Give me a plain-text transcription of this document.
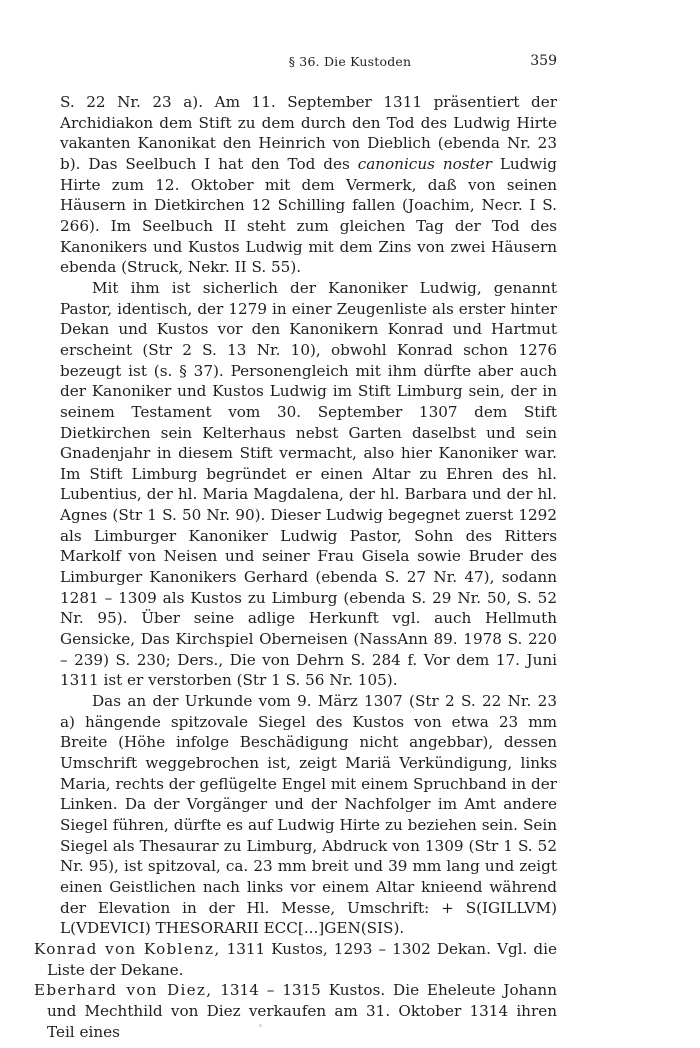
§ 36. Die Kustoden	359

S. 22 Nr. 23 a). Am 11. September 1311 präsentiert der Archidiakon dem Stift zu dem durch den Tod des Ludwig Hirte vakanten Kanonikat den Heinrich von Dieblich (ebenda Nr. 23 b). Das Seelbuch I hat den Tod des canonicus noster Ludwig Hirte zum 12. Oktober mit dem Vermerk, daß von seinen Häusern in Dietkirchen 12 Schilling fallen (Joachim, Necr. I S. 266). Im Seelbuch II steht zum gleichen Tag der Tod des Kanonikers und Kustos Ludwig mit dem Zins von zwei Häusern ebenda (Struck, Nekr. II S. 55).

Mit ihm ist sicherlich der Kanoniker Ludwig, genannt Pastor, identisch, der 1279 in einer Zeugenliste als erster hinter Dekan und Kustos vor den Kanonikern Konrad und Hartmut erscheint (Str 2 S. 13 Nr. 10), obwohl Konrad schon 1276 bezeugt ist (s. § 37). Personengleich mit ihm dürfte aber auch der Kanoniker und Kustos Ludwig im Stift Limburg sein, der in seinem Testament vom 30. September 1307 dem Stift Dietkirchen sein Kelterhaus nebst Garten daselbst und sein Gnadenjahr in diesem Stift vermacht, also hier Kanoniker war. Im Stift Limburg begründet er einen Altar zu Ehren des hl. Lubentius, der hl. Maria Magdalena, der hl. Barbara und der hl. Agnes (Str 1 S. 50 Nr. 90). Dieser Ludwig begegnet zuerst 1292 als Limburger Kanoniker Ludwig Pastor, Sohn des Ritters Markolf von Neisen und seiner Frau Gisela sowie Bruder des Limburger Kanonikers Gerhard (ebenda S. 27 Nr. 47), sodann 1281 – 1309 als Kustos zu Limburg (ebenda S. 29 Nr. 50, S. 52 Nr. 95). Über seine adlige Herkunft vgl. auch Hellmuth Gensicke, Das Kirchspiel Oberneisen (NassAnn 89. 1978 S. 220 – 239) S. 230; Ders., Die von Dehrn S. 284 f. Vor dem 17. Juni 1311 ist er verstorben (Str 1 S. 56 Nr. 105).

Das an der Urkunde vom 9. März 1307 (Str 2 S. 22 Nr. 23 a) hängende spitzovale Siegel des Kustos von etwa 23 mm Breite (Höhe infolge Beschädigung nicht angebbar), dessen Umschrift weggebrochen ist, zeigt Mariä Verkündigung, links Maria, rechts der geflügelte Engel mit einem Spruchband in der Linken. Da der Vorgänger und der Nachfolger im Amt andere Siegel führen, dürfte es auf Ludwig Hirte zu beziehen sein. Sein Siegel als Thesaurar zu Limburg, Abdruck von 1309 (Str 1 S. 52 Nr. 95), ist spitzoval, ca. 23 mm breit und 39 mm lang und zeigt einen Geistlichen nach links vor einem Altar knieend während der Elevation in der Hl. Messe, Umschrift: + S(IGILLVM) L(VDEVICI) THESORARII ECC[...]GEN(SIS).

Konrad von Koblenz, 1311 Kustos, 1293 – 1302 Dekan. Vgl. die Liste der Dekane.

Eberhard von Diez, 1314 – 1315 Kustos. Die Eheleute Johann und Mechthild von Diez verkaufen am 31. Oktober 1314 ihren Teil eines
